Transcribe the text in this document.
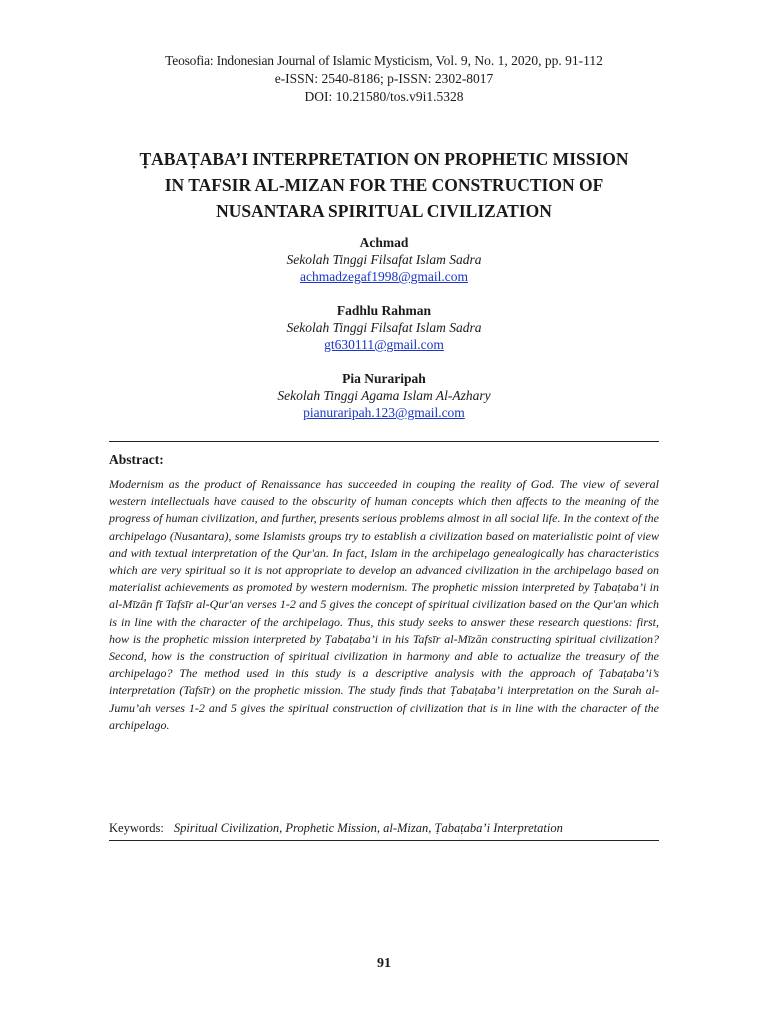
Teosofia: Indonesian Journal of Islamic Mysticism, Vol. 9, No. 1, 2020, pp. 91-112
e-ISSN: 2540-8186; p-ISSN: 2302-8017
DOI: 10.21580/tos.v9i1.5328
ṬABAṬABA’I INTERPRETATION ON PROPHETIC MISSION
IN TAFSIR AL-MIZAN FOR THE CONSTRUCTION OF
NUSANTARA SPIRITUAL CIVILIZATION
Achmad
Sekolah Tinggi Filsafat Islam Sadra
achmadzegaf1998@gmail.com
Fadhlu Rahman
Sekolah Tinggi Filsafat Islam Sadra
gt630111@gmail.com
Pia Nuraripah
Sekolah Tinggi Agama Islam Al-Azhary
pianuraripah.123@gmail.com
Abstract:
Modernism as the product of Renaissance has succeeded in couping the reality of God. The view of several western intellectuals have caused to the obscurity of human concepts which then affects to the meaning of the progress of human civilization, and further, presents serious problems almost in all social life. In the context of the archipelago (Nusantara), some Islamists groups try to establish a civilization based on materialistic point of view and with textual interpretation of the Qur'an. In fact, Islam in the archipelago genealogically has characteristics which are very spiritual so it is not appropriate to develop an advanced civilization in the archipelago based on materialist achievements as promoted by western modernism. The prophetic mission interpreted by Ṭabaṭaba’i in al-Mīzān fī Tafsīr al-Qur'an verses 1-2 and 5 gives the concept of spiritual civilization based on the Qur'an which is in line with the character of the archipelago. Thus, this study seeks to answer these research questions: first, how is the prophetic mission interpreted by Ṭabaṭaba’i in his Tafsīr al-Mīzān constructing spiritual civilization? Second, how is the construction of spiritual civilization in harmony and able to actualize the treasury of the archipelago? The method used in this study is a descriptive analysis with the approach of Ṭabaṭaba’i’s interpretation (Tafsīr) on the prophetic mission. The study finds that Ṭabaṭaba’i interpretation on the Surah al-Jumu’ah verses 1-2 and 5 gives the spiritual construction of civilization that is in line with the character of the archipelago.
Keywords: Spiritual Civilization, Prophetic Mission, al-Mizan, Ṭabaṭaba’i Interpretation
91
